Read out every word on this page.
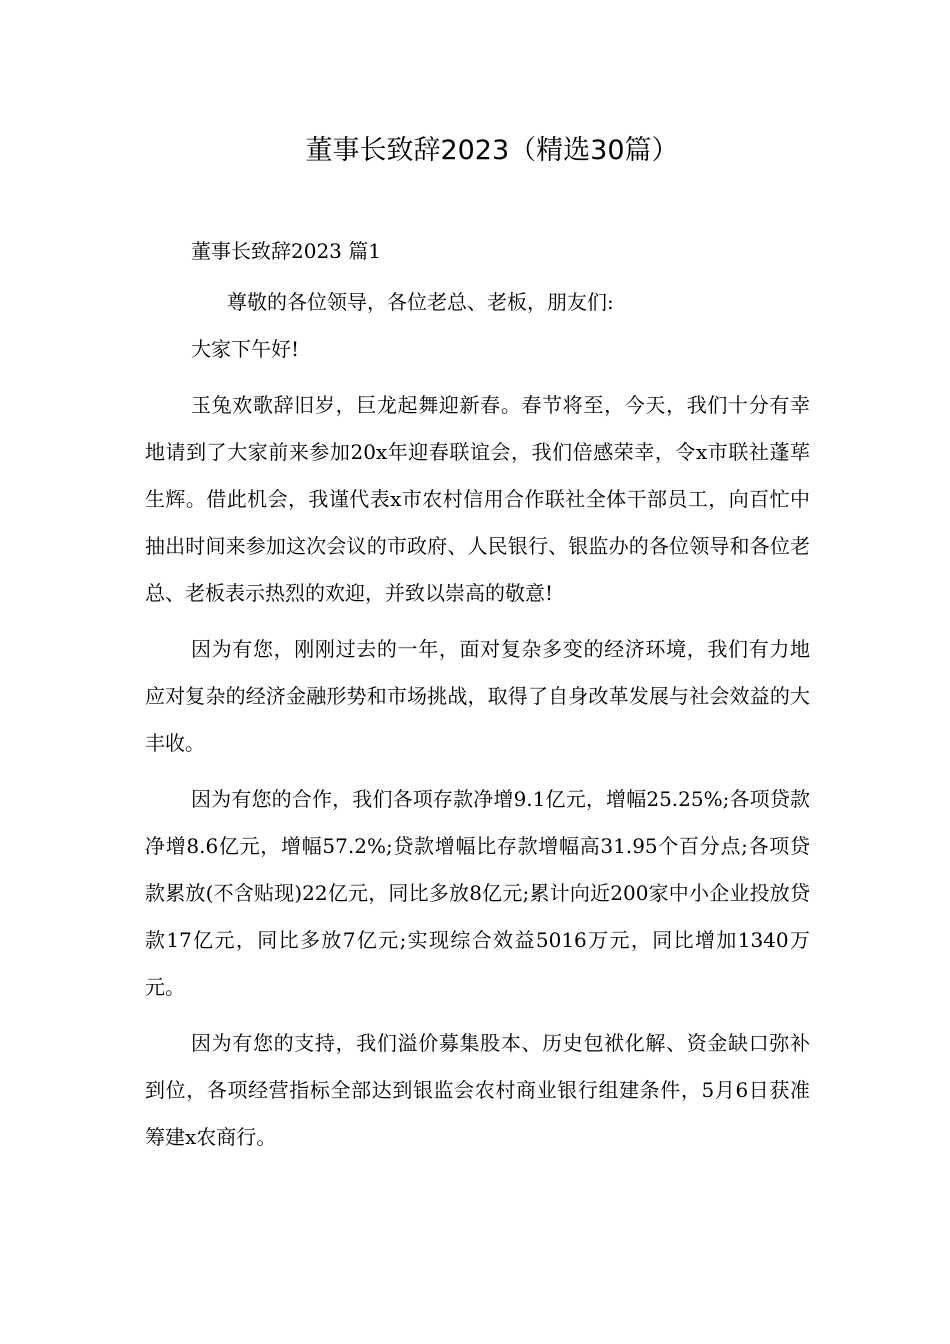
董事长致辞2023（精选30篇）

董事长致辞2023 篇1

尊敬的各位领导，各位老总、老板，朋友们:

大家下午好!

玉兔欢歌辞旧岁，巨龙起舞迎新春。春节将至，今天，我们十分有幸地请到了大家前来参加20x年迎春联谊会，我们倍感荣幸，令x市联社蓬荜生辉。借此机会，我谨代表x市农村信用合作联社全体干部员工，向百忙中抽出时间来参加这次会议的市政府、人民银行、银监办的各位领导和各位老总、老板表示热烈的欢迎，并致以崇高的敬意!

因为有您，刚刚过去的一年，面对复杂多变的经济环境，我们有力地应对复杂的经济金融形势和市场挑战，取得了自身改革发展与社会效益的大丰收。

因为有您的合作，我们各项存款净增9.1亿元，增幅25.25%;各项贷款净增8.6亿元，增幅57.2%;贷款增幅比存款增幅高31.95个百分点;各项贷款累放(不含贴现)22亿元，同比多放8亿元;累计向近200家中小企业投放贷款17亿元，同比多放7亿元;实现综合效益5016万元，同比增加1340万元。

因为有您的支持，我们溢价募集股本、历史包袱化解、资金缺口弥补到位，各项经营指标全部达到银监会农村商业银行组建条件，5月6日获准筹建x农商行。
